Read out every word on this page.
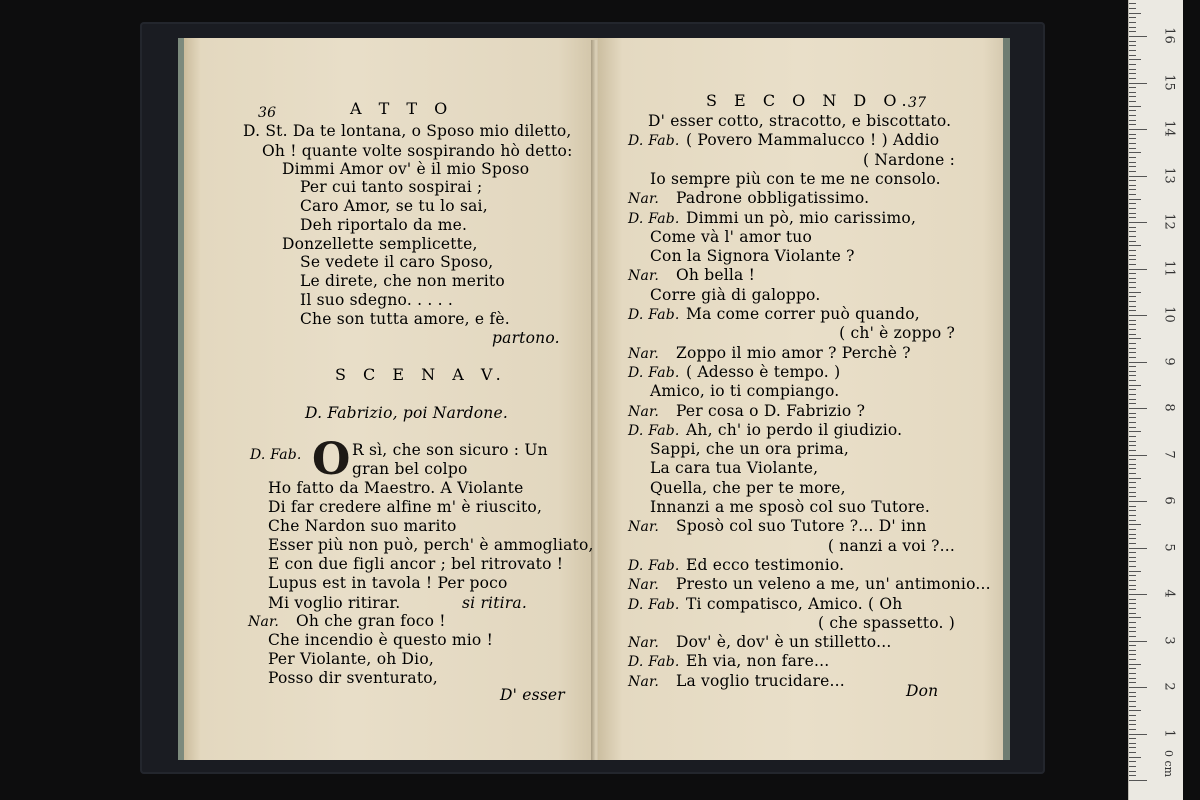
36	A T T O
D. St. Da te lontana, o Sposo mio diletto,
Oh ! quante volte sospirando hò detto:
Dimmi Amor ov' è il mio Sposo
Per cui tanto sospirai ;
Caro Amor, se tu lo sai,
Deh riportalo da me.
Donzellette semplicette,
Se vedete il caro Sposo,
Le direte, che non merito
Il suo sdegno. . . . .
Che son tutta amore, e fè.
partono.
S C E N A V.
D. Fabrizio, poi Nardone.
D. Fab. O R sì, che son sicuro : Un
gran bel colpo
Ho fatto da Maestro. A Violante
Di far credere alfine m' è riuscito,
Che Nardon suo marito
Esser più non può, perch' è ammogliato,
E con due figli ancor ; bel ritrovato !
Lupus est in tavola ! Per poco
Mi voglio ritirar.	si ritira.
Nar. Oh che gran foco !
Che incendio è questo mio !
Per Violante, oh Dio,
Posso dir sventurato,
D' esser
S E C O N D O.
37
D' esser cotto, stracotto, e biscottato.
D. Fab. ( Povero Mammalucco ! ) Addio
( Nardone :
Io sempre più con te me ne consolo.
Nar. Padrone obbligatissimo.
D. Fab. Dimmi un pò, mio carissimo,
Come và l' amor tuo
Con la Signora Violante ?
Nar. Oh bella !
Corre già di galoppo.
D. Fab. Ma come correr può quando,
( ch' è zoppo ?
Nar. Zoppo il mio amor ? Perchè ?
D. Fab. ( Adesso è tempo. )
Amico, io ti compiango.
Nar. Per cosa o D. Fabrizio ?
D. Fab. Ah, ch' io perdo il giudizio.
Sappi, che un ora prima,
La cara tua Violante,
Quella, che per te more,
Innanzi a me sposò col suo Tutore.
Nar. Sposò col suo Tutore ?... D' inn
( nanzi a voi ?...
D. Fab. Ed ecco testimonio.
Nar. Presto un veleno a me, un' antimonio...
D. Fab. Ti compatisco, Amico. ( Oh
( che spassetto. )
Nar. Dov' è, dov' è un stilletto...
D. Fab. Eh via, non fare...
Nar. La voglio trucidare...
Don
0 cm
1
2
3
4
5
6
7
8
9
10
11
12
13
14
15
16
